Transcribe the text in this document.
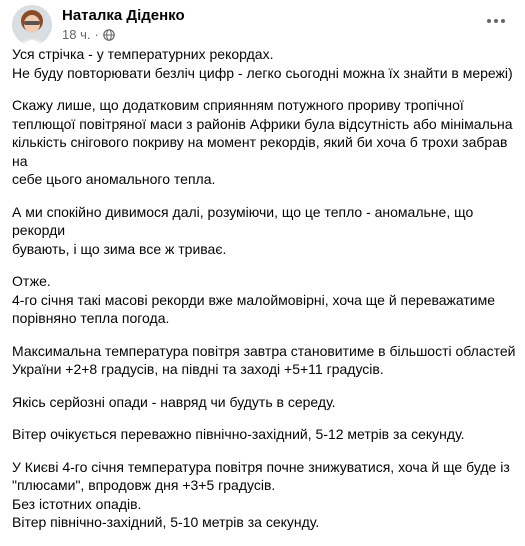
Наталка Діденко
18 ч. ·

Уся стрічка - у температурних рекордах.
Не буду повторювати безліч цифр - легко сьогодні можна їх знайти в мережі)

Скажу лише, що додатковим сприянням потужного прориву тропічної
теплющої повітряної маси з районів Африки була відсутність або мінімальна
кількість снігового покриву на момент рекордів, який би хоча б трохи забрав на
себе цього аномального тепла.

А ми спокійно дивимося далі, розуміючи, що це тепло - аномальне, що рекорди
бувають, і що зима все ж триває.

Отже.
4-го січня такі масові рекорди вже малоймовірні, хоча ще й переважатиме
порівняно тепла погода.

Максимальна температура повітря завтра становитиме в більшості областей
України +2+8 градусів, на півдні та заході +5+11 градусів.

Якісь серйозні опади - навряд чи будуть в середу.

Вітер очікується переважно північно-західний, 5-12 метрів за секунду.

У Києві 4-го січня температура повітря почне знижуватися, хоча й ще буде із
"плюсами", впродовж дня +3+5 градусів.
Без істотних опадів.
Вітер північно-західний, 5-10 метрів за секунду.
